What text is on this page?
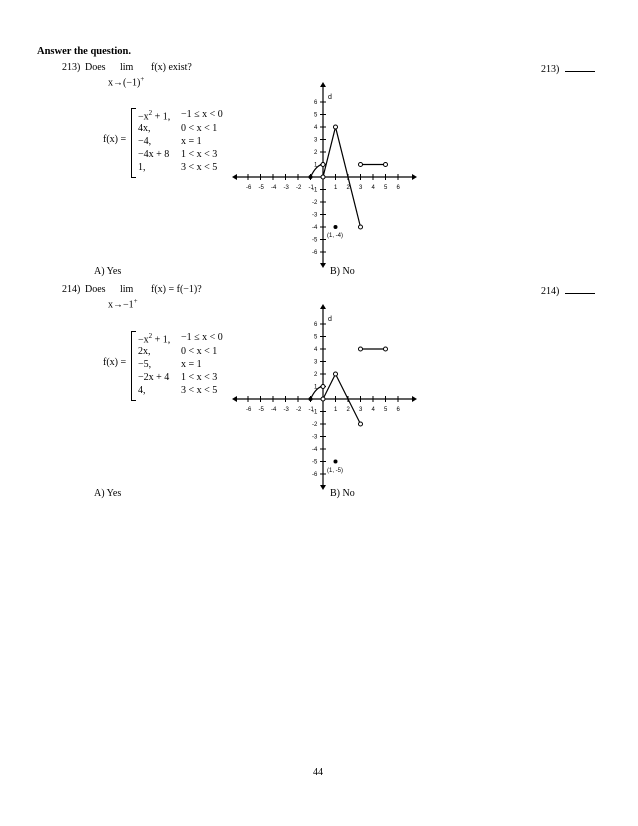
Answer the question.
213) Does lim f(x) exist?
x→(−1)+
213)
f(x) =
$-x^2 + 1$, −1 ≤ x < 0
4x,	0 < x < 1
−4,	x = 1
−4x + 8 1 < x < 3
1,	3 < x < 5
d
-6 -5 -4 -3 -2 -1	1 2 3 4 5 6
6
5
4
3
2
1
-1
-2
-3
-4
-5
-6
(1, -4)
A) Yes	B) No
214) Does lim f(x) = f(−1)?
x→−1+
214)
f(x) =
$-x^2 + 1$, −1 ≤ x < 0
2x,	0 < x < 1
−5,	x = 1
−2x + 4 1 < x < 3
4,	3 < x < 5
d
-6 -5 -4 -3 -2 -1	1 2 3 4 5 6
6
5
4
3
2
1
-1
-2
-3
-4
-5
-6
(1, -5)
A) Yes	B) No
44
